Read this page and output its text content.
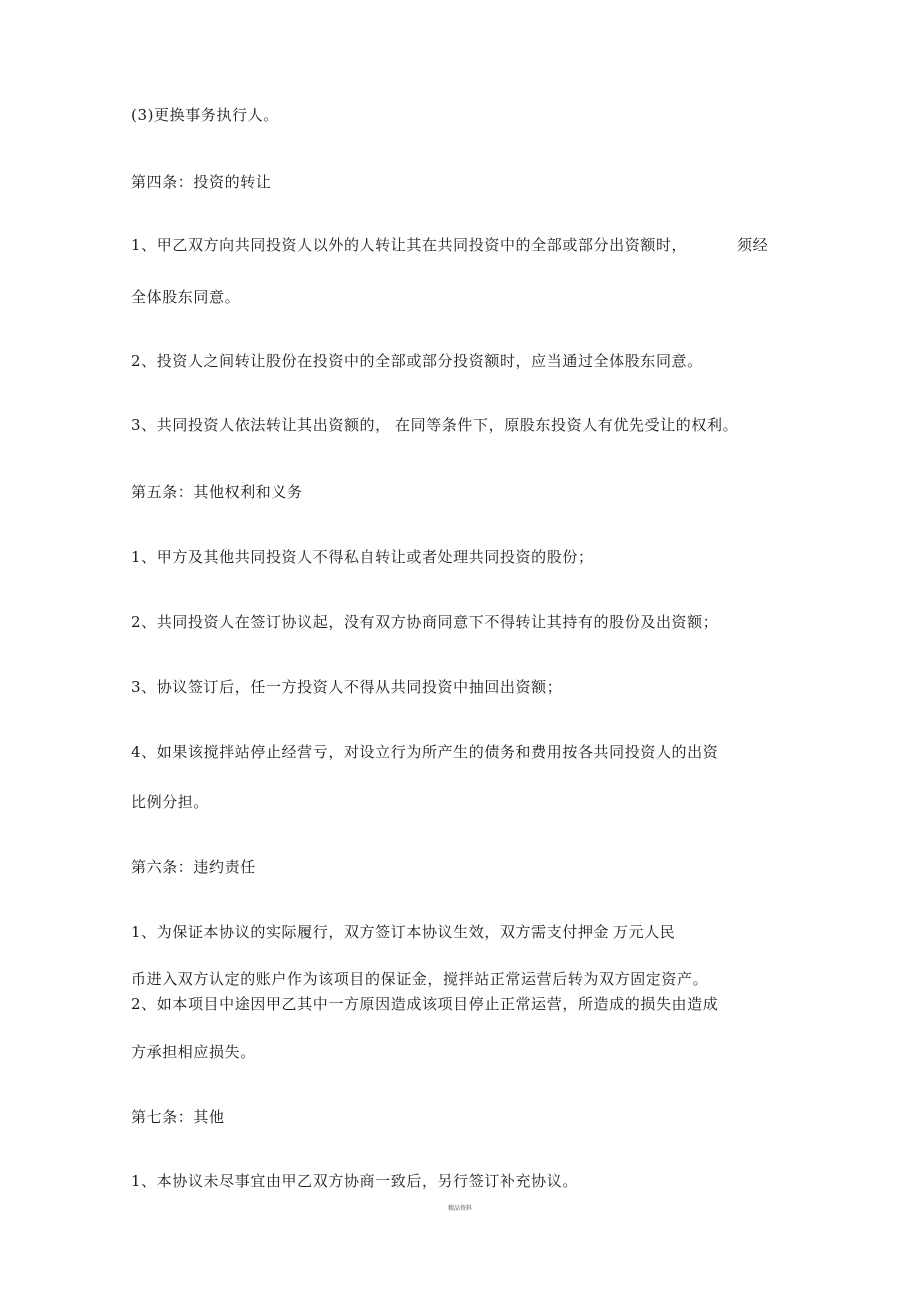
(3)更换事务执行人。
第四条：投资的转让
1、甲乙双方向共同投资人以外的人转让其在共同投资中的全部或部分出资额时，	须经
全体股东同意。
2、投资人之间转让股份在投资中的全部或部分投资额时，应当通过全体股东同意。
3、共同投资人依法转让其出资额的， 在同等条件下，原股东投资人有优先受让的权利。
第五条：其他权利和义务
1、甲方及其他共同投资人不得私自转让或者处理共同投资的股份；
2、共同投资人在签订协议起，没有双方协商同意下不得转让其持有的股份及出资额；
3、协议签订后，任一方投资人不得从共同投资中抽回出资额；
4、如果该搅拌站停止经营亏，对设立行为所产生的债务和费用按各共同投资人的出资
比例分担。
第六条：违约责任
1、为保证本协议的实际履行，双方签订本协议生效，双方需支付押金 万元人民
币进入双方认定的账户作为该项目的保证金，搅拌站正常运营后转为双方固定资产。
2、如本项目中途因甲乙其中一方原因造成该项目停止正常运营，所造成的损失由造成
方承担相应损失。
第七条：其他
1、本协议未尽事宜由甲乙双方协商一致后，另行签订补充协议。
精品资料
